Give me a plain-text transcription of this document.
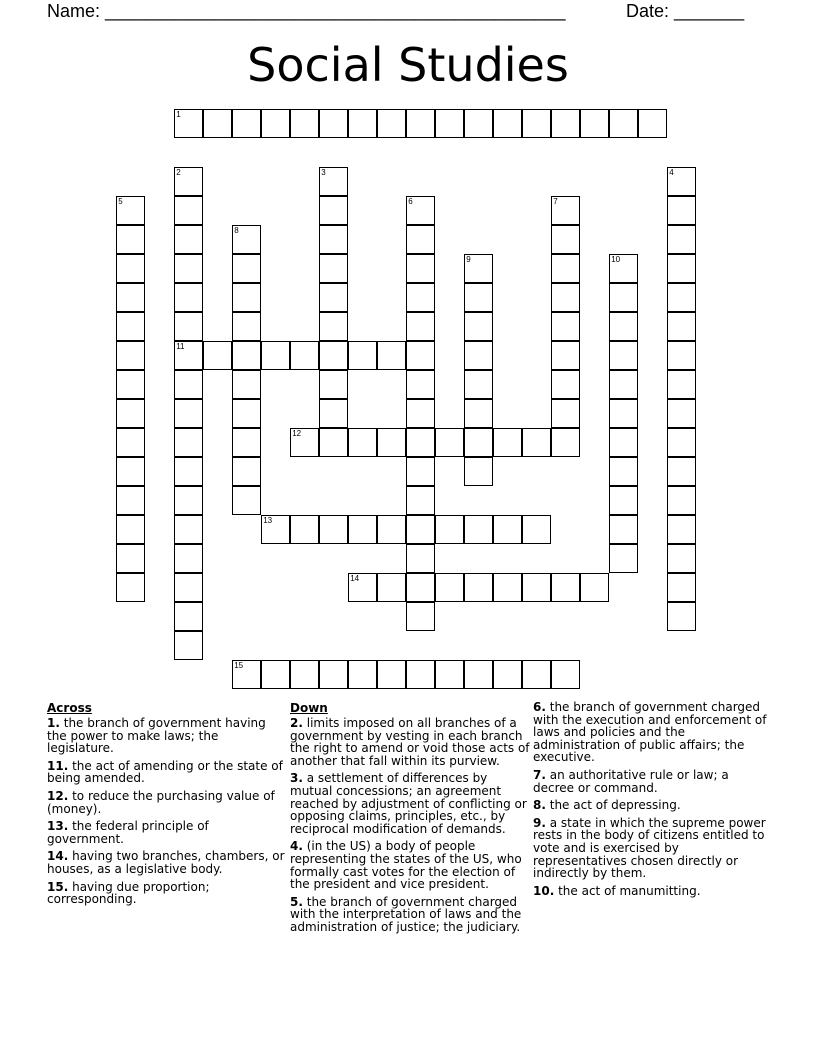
Name: ______________________________________________	Date: _______
Social Studies
1
2
11
3	4
5	6	7
8
9	10
12
13
14
15
Across
1. the branch of government having the power to make laws; the legislature.
11. the act of amending or the state of being amended.
12. to reduce the purchasing value of (money).
13. the federal principle of government.
14. having two branches, chambers, or houses, as a legislative body.
15. having due proportion; corresponding.
Down
2. limits imposed on all branches of a government by vesting in each branch the right to amend or void those acts of another that fall within its purview.
3. a settlement of differences by mutual concessions; an agreement reached by adjustment of conflicting or opposing claims, principles, etc., by reciprocal modification of demands.
4. (in the US) a body of people representing the states of the US, who formally cast votes for the election of the president and vice president.
5. the branch of government charged with the interpretation of laws and the administration of justice; the judiciary.
6. the branch of government charged with the execution and enforcement of laws and policies and the administration of public affairs; the executive.
7. an authoritative rule or law; a decree or command.
8. the act of depressing.
9. a state in which the supreme power rests in the body of citizens entitled to vote and is exercised by representatives chosen directly or indirectly by them.
10. the act of manumitting.
